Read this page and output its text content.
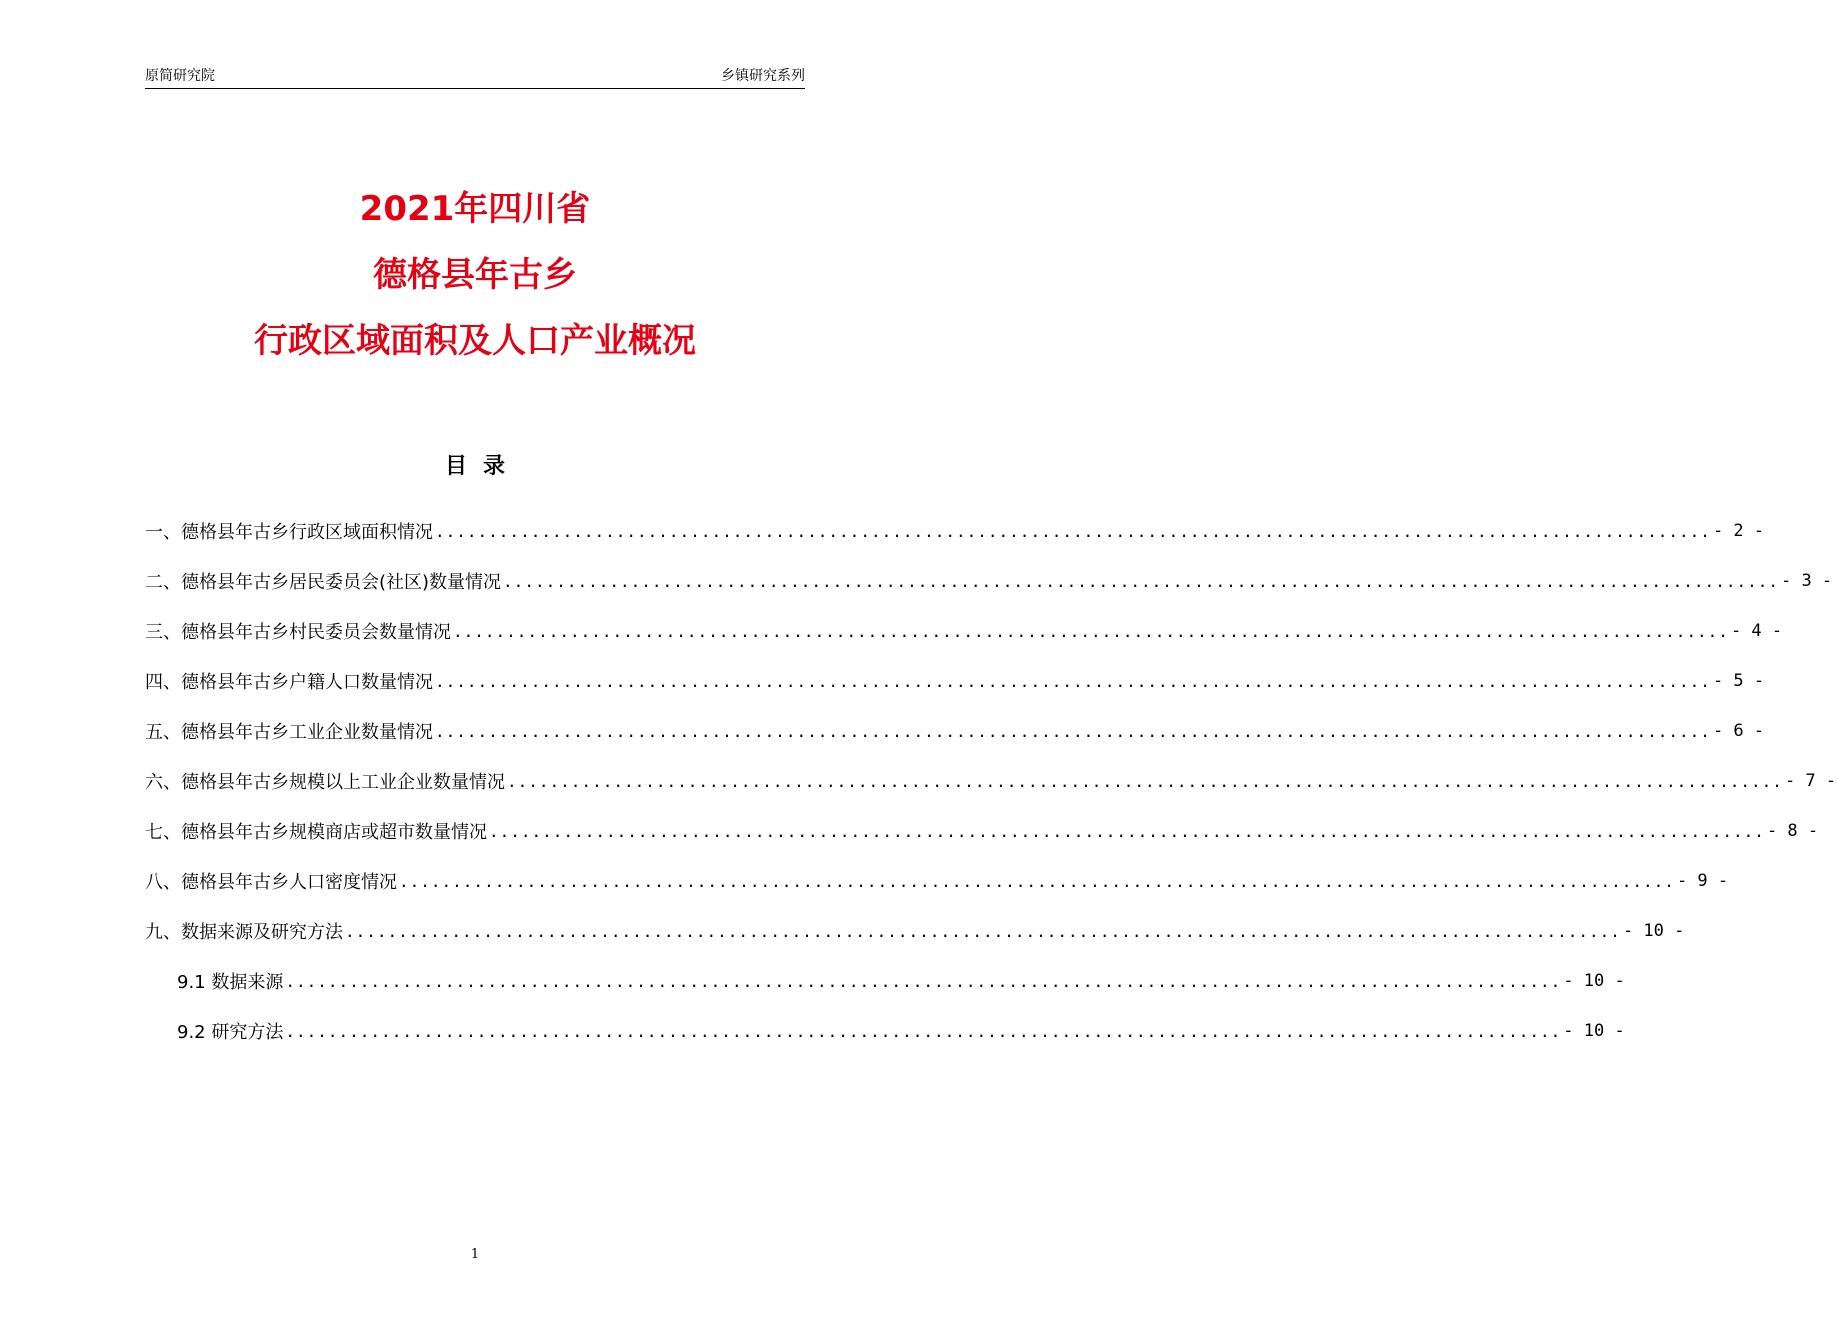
原简研究院	乡镇研究系列
2021年四川省
德格县年古乡
行政区域面积及人口产业概况
目录
一、德格县年古乡行政区域面积情况 ........................................................................................................................ - 2 -
二、德格县年古乡居民委员会(社区)数量情况 ........................................................................................................................ - 3 -
三、德格县年古乡村民委员会数量情况 ........................................................................................................................ - 4 -
四、德格县年古乡户籍人口数量情况 ........................................................................................................................ - 5 -
五、德格县年古乡工业企业数量情况 ........................................................................................................................ - 6 -
六、德格县年古乡规模以上工业企业数量情况 ........................................................................................................................ - 7 -
七、德格县年古乡规模商店或超市数量情况 ........................................................................................................................ - 8 -
八、德格县年古乡人口密度情况 ........................................................................................................................ - 9 -
九、数据来源及研究方法 ........................................................................................................................ - 10 -
9.1 数据来源 ........................................................................................................................ - 10 -
9.2 研究方法 ........................................................................................................................ - 10 -
1
